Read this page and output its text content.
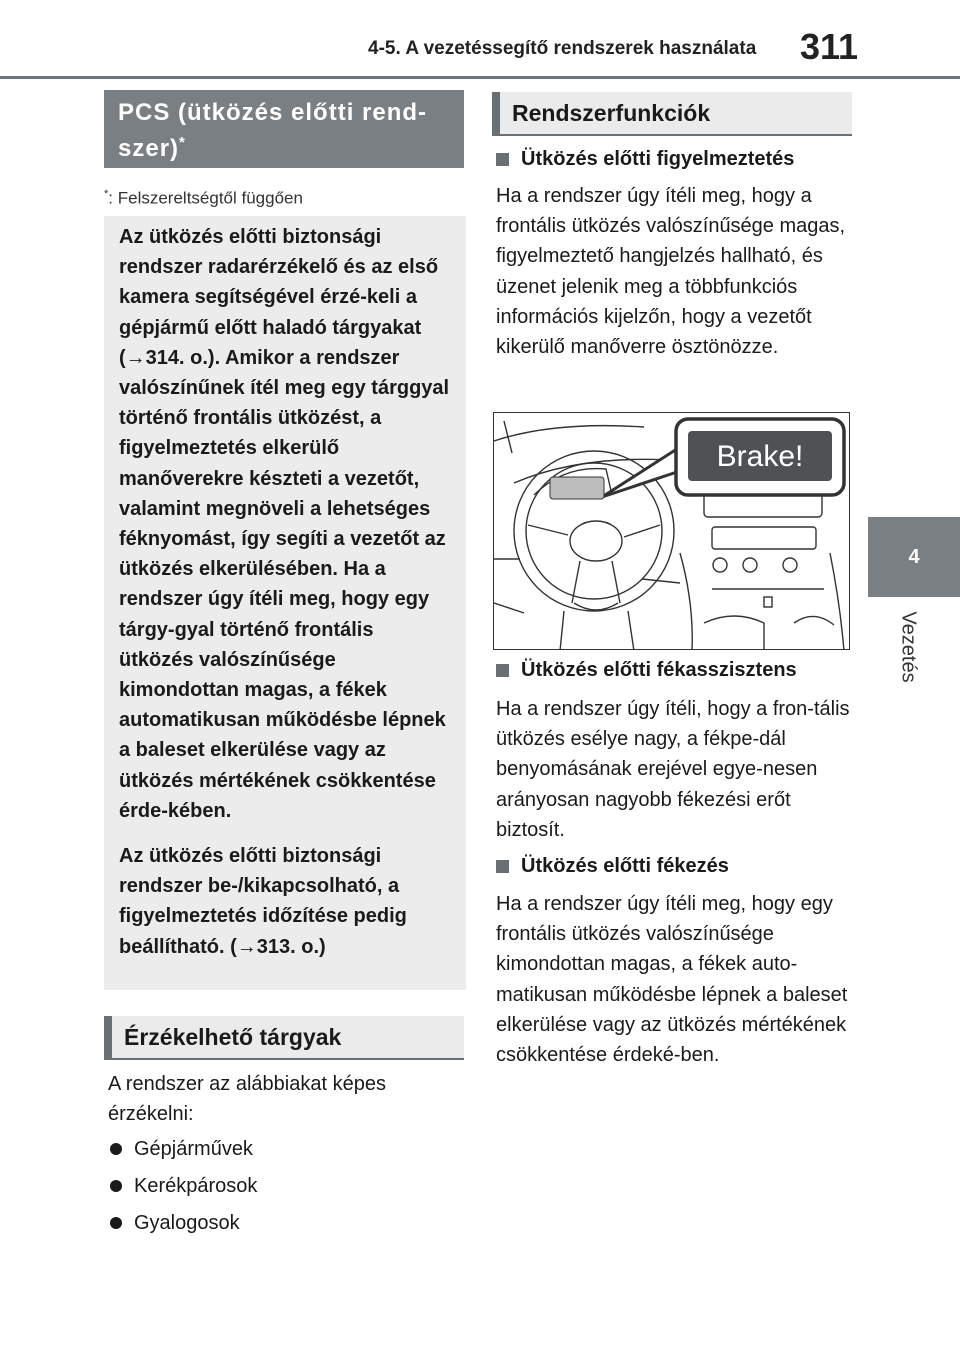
4-5. A vezetéssegítő rendszerek használata 311
4
Vezetés
PCS (ütközés előtti rend-
szer)*
*: Felszereltségtől függően

Az ütközés előtti biztonsági rendszer radarérzékelő és az első kamera segítségével érzé-keli a gépjármű előtt haladó tárgyakat (→314. o.). Amikor a rendszer valószínűnek ítél meg egy tárggyal történő frontális ütközést, a figyelmeztetés elkerülő manőverekre készteti a vezetőt, valamint megnöveli a lehetséges féknyomást, így segíti a vezetőt az ütközés elkerülésében. Ha a rendszer úgy ítéli meg, hogy egy tárgy-gyal történő frontális ütközés valószínűsége kimondottan magas, a fékek automatikusan működésbe lépnek a baleset elkerülése vagy az ütközés mértékének csökkentése érde-kében.

Az ütközés előtti biztonsági rendszer be-/kikapcsolható, a figyelmeztetés időzítése pedig beállítható. (→313. o.)

Érzékelhető tárgyak
A rendszer az alábbiakat képes érzékelni:
Gépjárművek
Kerékpárosok
Gyalogosok
Rendszerfunkciók
Ütközés előtti figyelmeztetés
Ha a rendszer úgy ítéli meg, hogy a frontális ütközés valószínűsége magas, figyelmeztető hangjelzés hallható, és üzenet jelenik meg a többfunkciós információs kijelzőn, hogy a vezetőt kikerülő manőverre ösztönözze.
Brake!
Ütközés előtti fékasszisztens
Ha a rendszer úgy ítéli, hogy a fron-tális ütközés esélye nagy, a fékpe-dál benyomásának erejével egye-nesen arányosan nagyobb fékezési erőt biztosít.
Ütközés előtti fékezés
Ha a rendszer úgy ítéli meg, hogy egy frontális ütközés valószínűsége kimondottan magas, a fékek auto-matikusan működésbe lépnek a baleset elkerülése vagy az ütközés mértékének csökkentése érdeké-ben.
